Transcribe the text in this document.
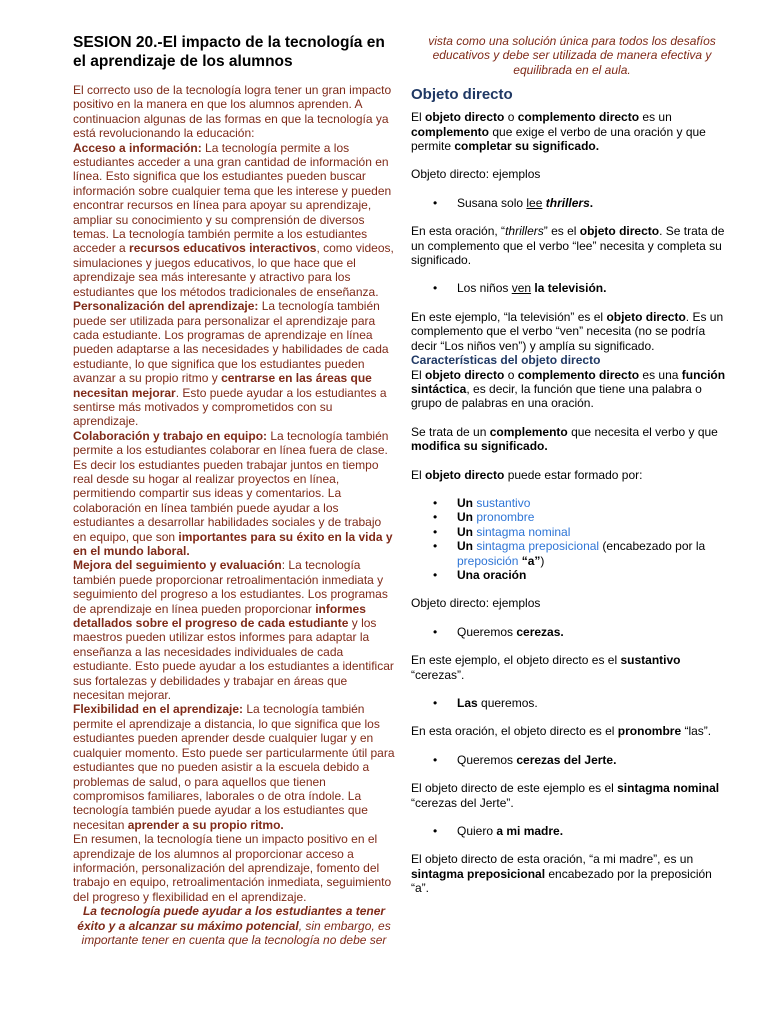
SESION 20.-El impacto de la tecnología en el aprendizaje de los alumnos

El correcto uso de la tecnología logra tener un gran impacto positivo en la manera en que los alumnos aprenden. A continuacion algunas de las formas en que la tecnología ya está revolucionando la educación:

Acceso a información: La tecnología permite a los estudiantes acceder a una gran cantidad de información en línea. Esto significa que los estudiantes pueden buscar información sobre cualquier tema que les interese y pueden encontrar recursos en línea para apoyar su aprendizaje, ampliar su conocimiento y su comprensión de diversos temas. La tecnología también permite a los estudiantes acceder a recursos educativos interactivos, como videos, simulaciones y juegos educativos, lo que hace que el aprendizaje sea más interesante y atractivo para los estudiantes que los métodos tradicionales de enseñanza.

Personalización del aprendizaje: La tecnología también puede ser utilizada para personalizar el aprendizaje para cada estudiante. Los programas de aprendizaje en línea pueden adaptarse a las necesidades y habilidades de cada estudiante, lo que significa que los estudiantes pueden avanzar a su propio ritmo y centrarse en las áreas que necesitan mejorar. Esto puede ayudar a los estudiantes a sentirse más motivados y comprometidos con su aprendizaje.

Colaboración y trabajo en equipo: La tecnología también permite a los estudiantes colaborar en línea fuera de clase. Es decir los estudiantes pueden trabajar juntos en tiempo real desde su hogar al realizar proyectos en línea, permitiendo compartir sus ideas y comentarios. La colaboración en línea también puede ayudar a los estudiantes a desarrollar habilidades sociales y de trabajo en equipo, que son importantes para su éxito en la vida y en el mundo laboral.

Mejora del seguimiento y evaluación: La tecnología también puede proporcionar retroalimentación inmediata y seguimiento del progreso a los estudiantes. Los programas de aprendizaje en línea pueden proporcionar informes detallados sobre el progreso de cada estudiante y los maestros pueden utilizar estos informes para adaptar la enseñanza a las necesidades individuales de cada estudiante. Esto puede ayudar a los estudiantes a identificar sus fortalezas y debilidades y trabajar en áreas que necesitan mejorar.

Flexibilidad en el aprendizaje: La tecnología también permite el aprendizaje a distancia, lo que significa que los estudiantes pueden aprender desde cualquier lugar y en cualquier momento. Esto puede ser particularmente útil para estudiantes que no pueden asistir a la escuela debido a problemas de salud, o para aquellos que tienen compromisos familiares, laborales o de otra índole. La tecnología también puede ayudar a los estudiantes que necesitan aprender a su propio ritmo.

En resumen, la tecnología tiene un impacto positivo en el aprendizaje de los alumnos al proporcionar acceso a información, personalización del aprendizaje, fomento del trabajo en equipo, retroalimentación inmediata, seguimiento del progreso y flexibilidad en el aprendizaje.

La tecnología puede ayudar a los estudiantes a tener éxito y a alcanzar su máximo potencial, sin embargo, es importante tener en cuenta que la tecnología no debe ser

vista como una solución única para todos los desafíos educativos y debe ser utilizada de manera efectiva y equilibrada en el aula.

Objeto directo

El objeto directo o complemento directo es un complemento que exige el verbo de una oración y que permite completar su significado.

Objeto directo: ejemplos

• Susana solo lee thrillers.

En esta oración, “thrillers” es el objeto directo. Se trata de un complemento que el verbo “lee” necesita y completa su significado.

• Los niños ven la televisión.

En este ejemplo, “la televisión” es el objeto directo. Es un complemento que el verbo “ven” necesita (no se podría decir “Los niños ven”) y amplía su significado.

Características del objeto directo

El objeto directo o complemento directo es una función sintáctica, es decir, la función que tiene una palabra o grupo de palabras en una oración.

Se trata de un complemento que necesita el verbo y que modifica su significado.

El objeto directo puede estar formado por:

• Un sustantivo
• Un pronombre
• Un sintagma nominal
• Un sintagma preposicional (encabezado por la preposición “a”)
• Una oración

Objeto directo: ejemplos

• Queremos cerezas.

En este ejemplo, el objeto directo es el sustantivo “cerezas”.

• Las queremos.

En esta oración, el objeto directo es el pronombre “las”.

• Queremos cerezas del Jerte.

El objeto directo de este ejemplo es el sintagma nominal “cerezas del Jerte”.

• Quiero a mi madre.

El objeto directo de esta oración, “a mi madre”, es un sintagma preposicional encabezado por la preposición “a”.
